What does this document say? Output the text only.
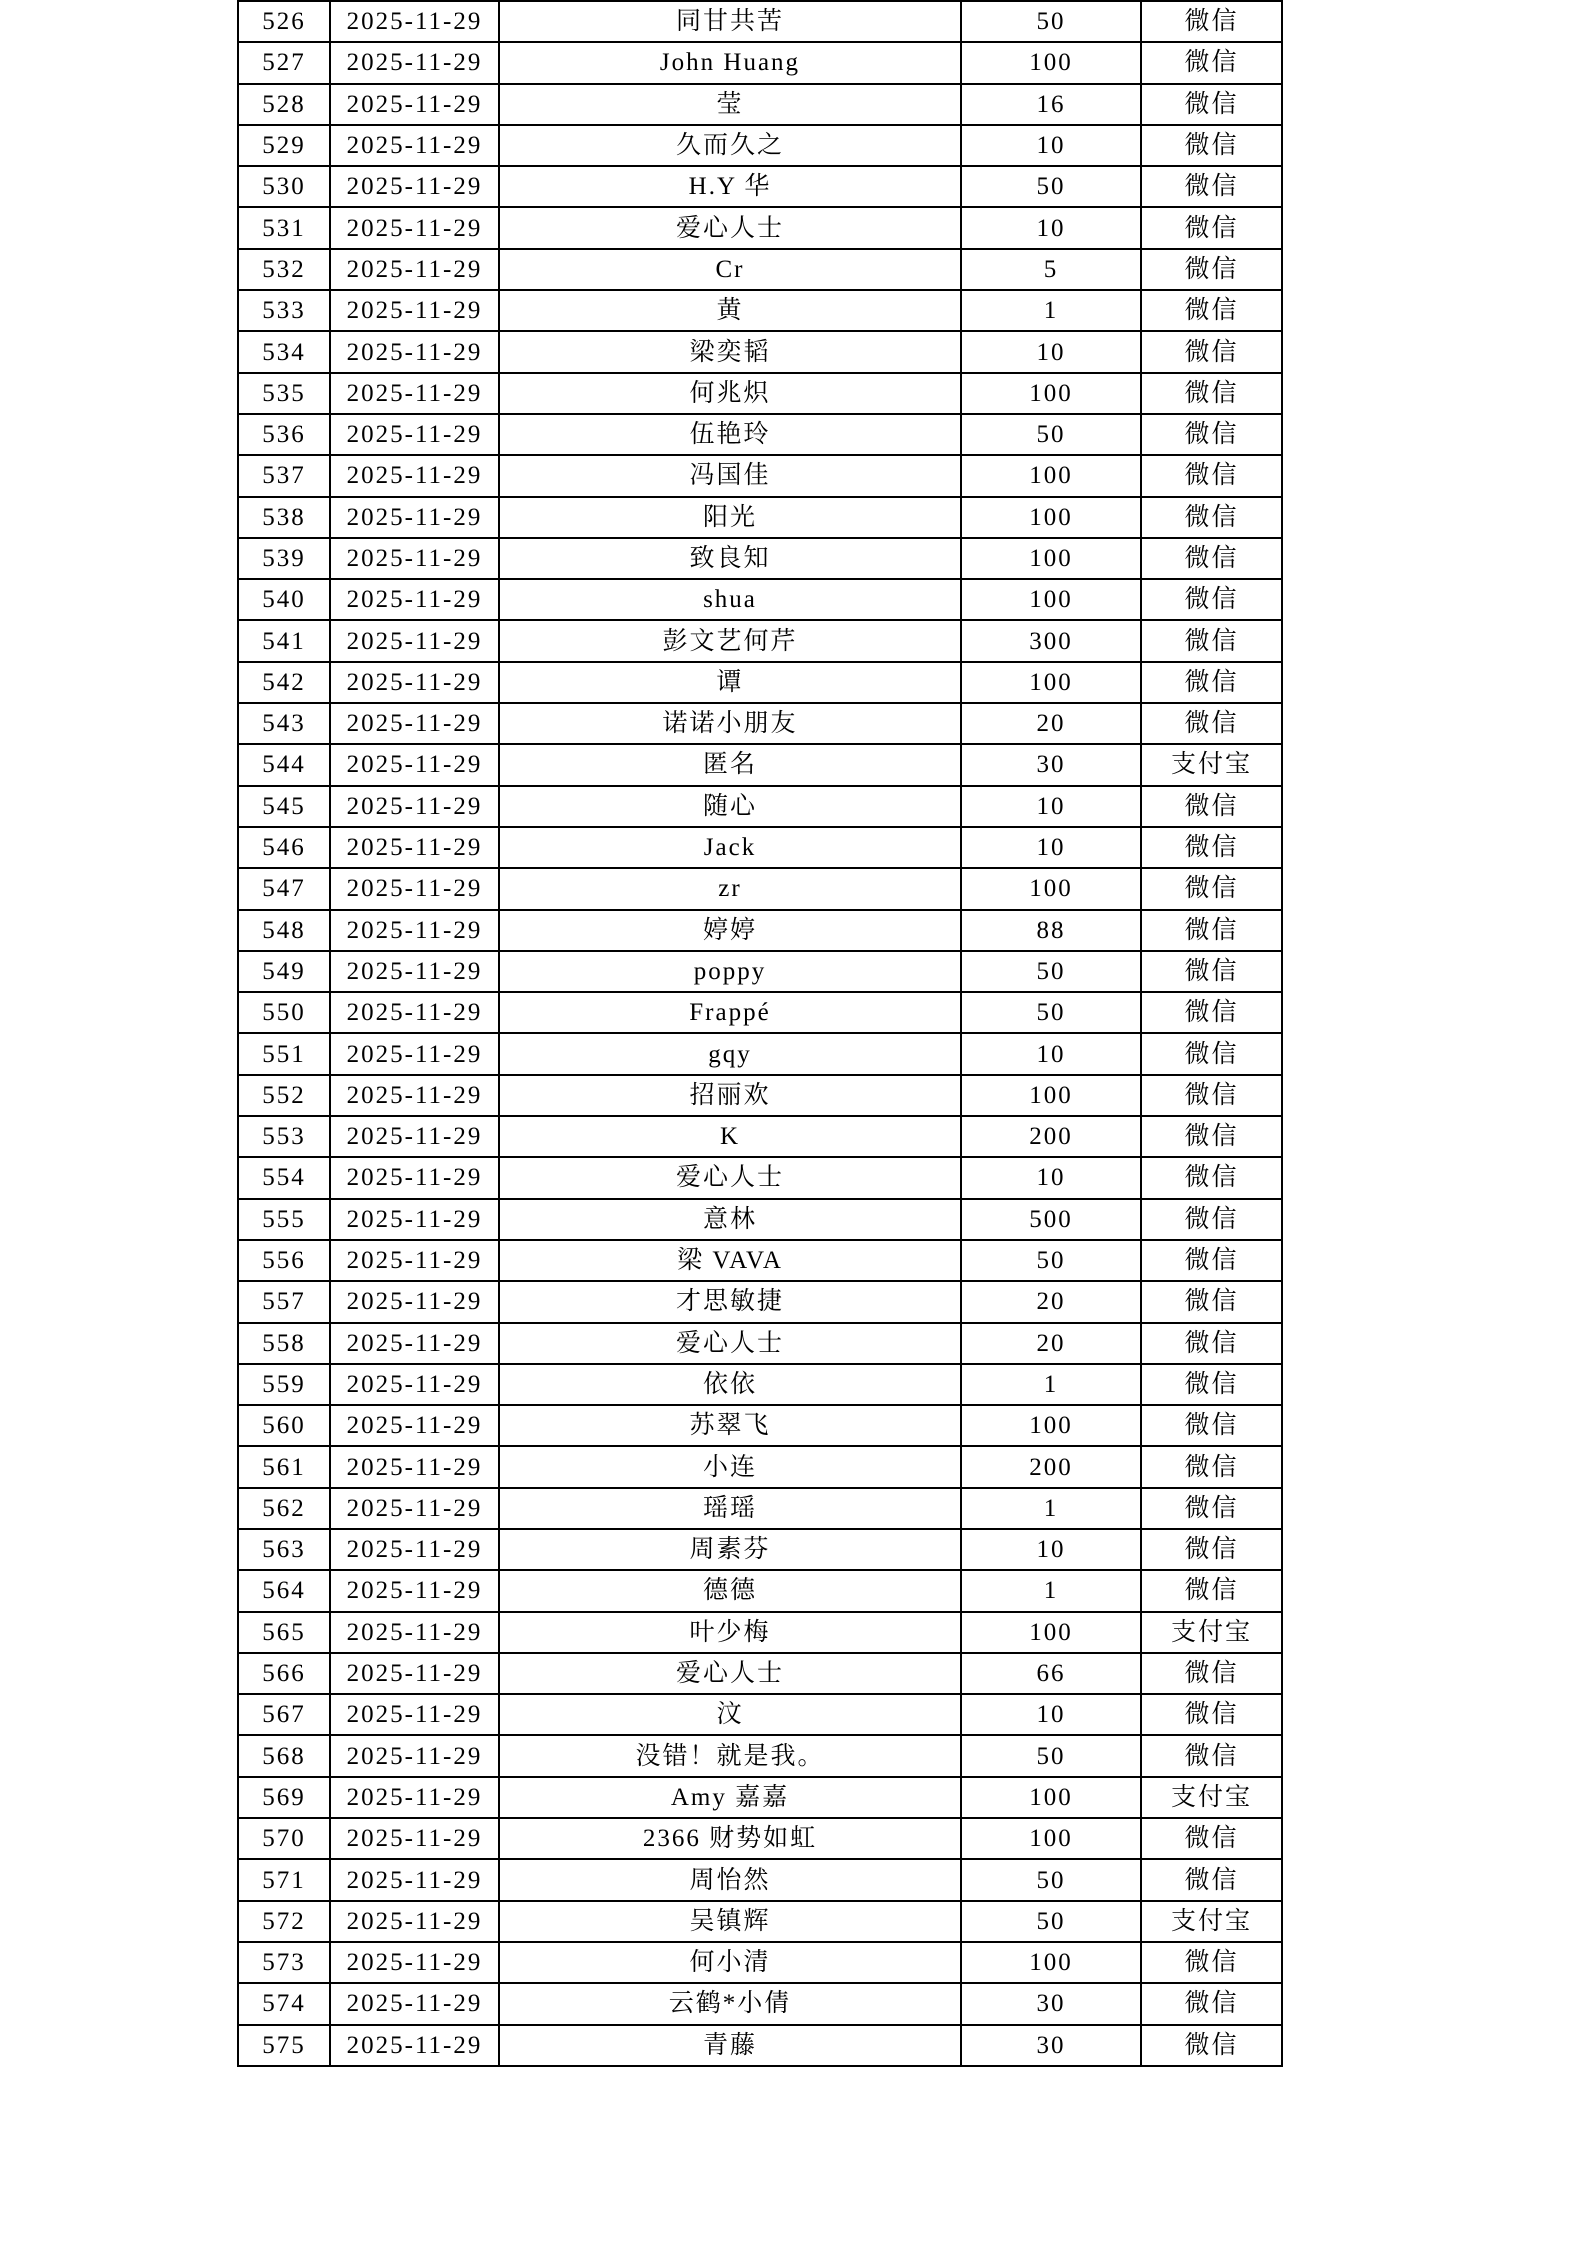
526	2025-11-29	同甘共苦	50	微信
527	2025-11-29	John Huang	100	微信
528	2025-11-29	莹	16	微信
529	2025-11-29	久而久之	10	微信
530	2025-11-29	H.Y 华	50	微信
531	2025-11-29	爱心人士	10	微信
532	2025-11-29	Cr	5	微信
533	2025-11-29	黄	1	微信
534	2025-11-29	梁奕韬	10	微信
535	2025-11-29	何兆炽	100	微信
536	2025-11-29	伍艳玲	50	微信
537	2025-11-29	冯国佳	100	微信
538	2025-11-29	阳光	100	微信
539	2025-11-29	致良知	100	微信
540	2025-11-29	shua	100	微信
541	2025-11-29	彭文艺何芹	300	微信
542	2025-11-29	谭	100	微信
543	2025-11-29	诺诺小朋友	20	微信
544	2025-11-29	匿名	30	支付宝
545	2025-11-29	随心	10	微信
546	2025-11-29	Jack	10	微信
547	2025-11-29	zr	100	微信
548	2025-11-29	婷婷	88	微信
549	2025-11-29	poppy	50	微信
550	2025-11-29	Frappé	50	微信
551	2025-11-29	gqy	10	微信
552	2025-11-29	招丽欢	100	微信
553	2025-11-29	K	200	微信
554	2025-11-29	爱心人士	10	微信
555	2025-11-29	意林	500	微信
556	2025-11-29	梁 VAVA	50	微信
557	2025-11-29	才思敏捷	20	微信
558	2025-11-29	爱心人士	20	微信
559	2025-11-29	依依	1	微信
560	2025-11-29	苏翠飞	100	微信
561	2025-11-29	小连	200	微信
562	2025-11-29	瑶瑶	1	微信
563	2025-11-29	周素芬	10	微信
564	2025-11-29	德德	1	微信
565	2025-11-29	叶少梅	100	支付宝
566	2025-11-29	爱心人士	66	微信
567	2025-11-29	汶	10	微信
568	2025-11-29	没错！就是我。	50	微信
569	2025-11-29	Amy 嘉嘉	100	支付宝
570	2025-11-29	2366 财势如虹	100	微信
571	2025-11-29	周怡然	50	微信
572	2025-11-29	吴镇辉	50	支付宝
573	2025-11-29	何小清	100	微信
574	2025-11-29	云鹤*小倩	30	微信
575	2025-11-29	青藤	30	微信
